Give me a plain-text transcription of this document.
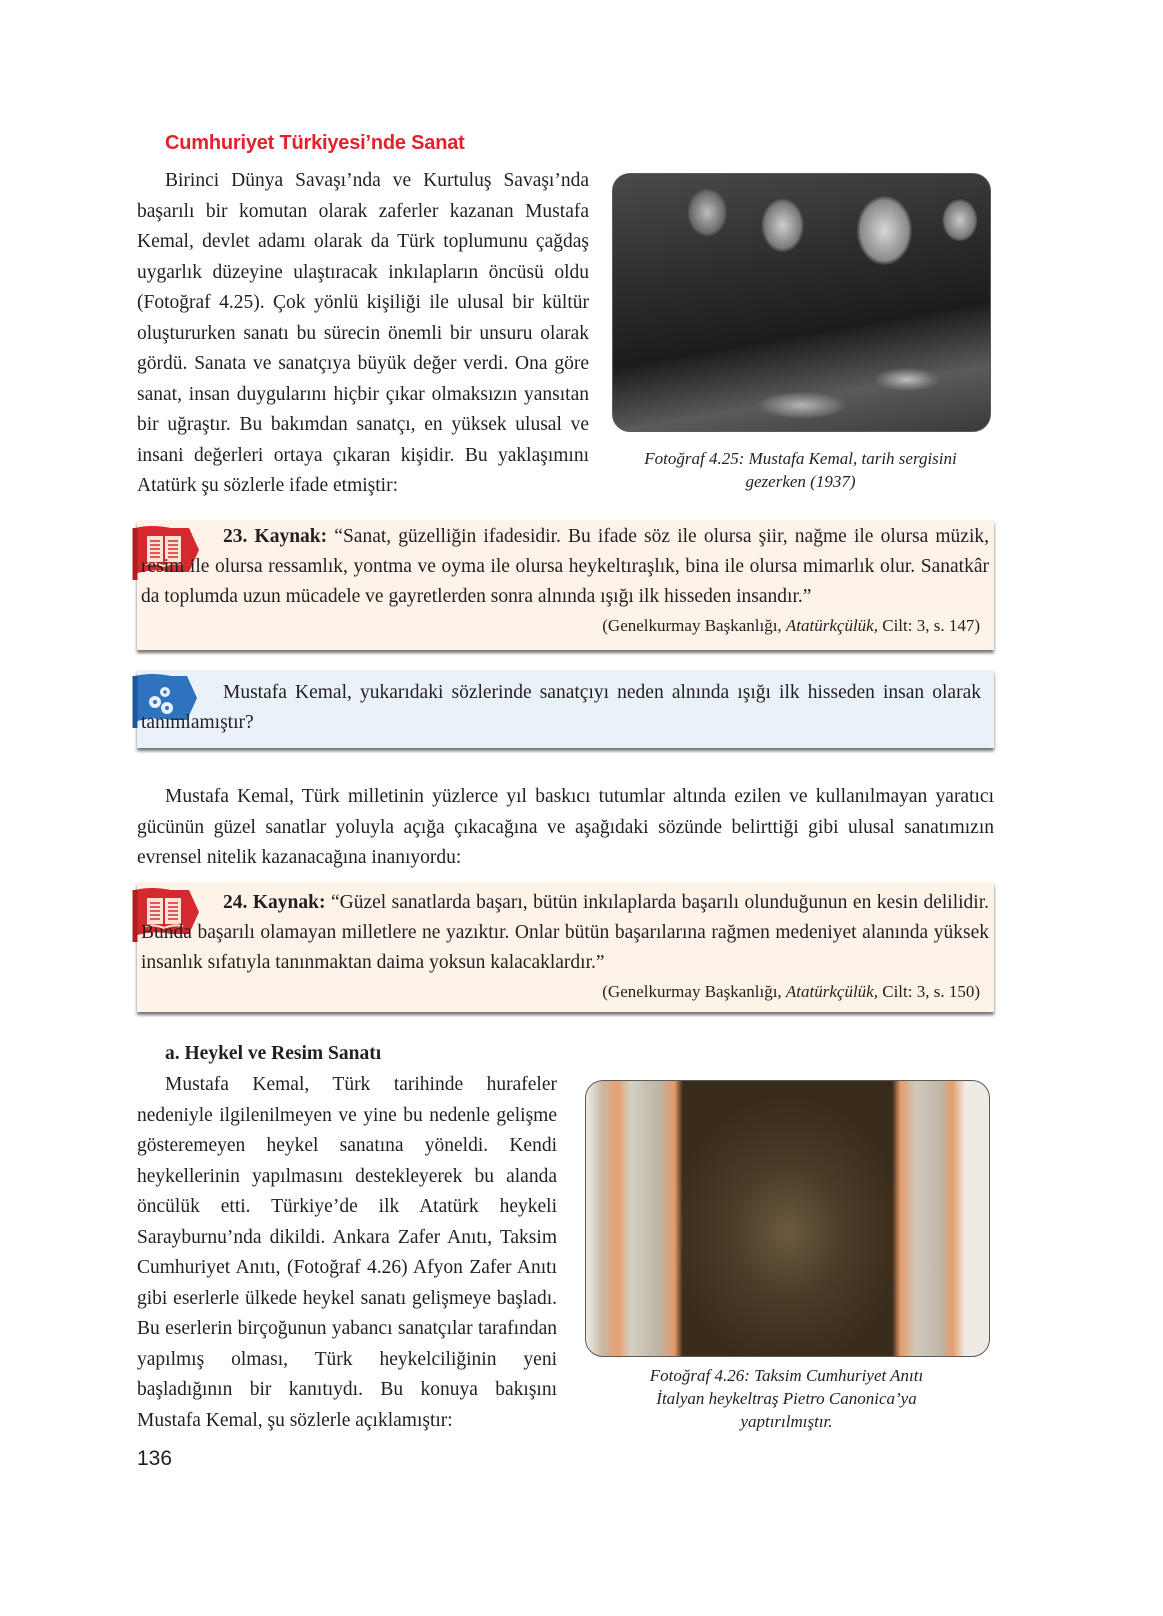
Cumhuriyet Türkiyesi’nde Sanat

Birinci Dünya Savaşı’nda ve Kurtuluş Savaşı’nda başarılı bir komutan olarak zaferler kazanan Mustafa Kemal, devlet adamı olarak da Türk toplumunu çağdaş uygarlık düzeyine ulaştıracak inkılapların öncüsü oldu (Fotoğraf 4.25). Çok yönlü kişiliği ile ulusal bir kültür oluştururken sanatı bu sürecin önemli bir unsuru olarak gördü. Sanata ve sanatçıya büyük değer verdi. Ona göre sanat, insan duygularını hiçbir çıkar olmaksızın yansıtan bir uğraştır. Bu bakımdan sanatçı, en yüksek ulusal ve insani değerleri ortaya çıkaran kişidir. Bu yaklaşımını Atatürk şu sözlerle ifade etmiştir:

Fotoğraf 4.25: Mustafa Kemal, tarih sergisini gezerken (1937)
23. Kaynak: “Sanat, güzelliğin ifadesidir. Bu ifade söz ile olursa şiir, nağme ile olursa müzik, resim ile olursa ressamlık, yontma ve oyma ile olursa heykeltıraşlık, bina ile olursa mimarlık olur. Sanatkâr da toplumda uzun mücadele ve gayretlerden sonra alnında ışığı ilk hisseden insandır.”
(Genelkurmay Başkanlığı, Atatürkçülük, Cilt: 3, s. 147)
Mustafa Kemal, yukarıdaki sözlerinde sanatçıyı neden alnında ışığı ilk hisseden insan olarak tanımlamıştır?

Mustafa Kemal, Türk milletinin yüzlerce yıl baskıcı tutumlar altında ezilen ve kullanılmayan yaratıcı gücünün güzel sanatlar yoluyla açığa çıkacağına ve aşağıdaki sözünde belirttiği gibi ulusal sanatımızın evrensel nitelik kazanacağına inanıyordu:

24. Kaynak: “Güzel sanatlarda başarı, bütün inkılaplarda başarılı olunduğunun en kesin delilidir. Bunda başarılı olamayan milletlere ne yazıktır. Onlar bütün başarılarına rağmen medeniyet alanında yüksek insanlık sıfatıyla tanınmaktan daima yoksun kalacaklardır.”
(Genelkurmay Başkanlığı, Atatürkçülük, Cilt: 3, s. 150)
a. Heykel ve Resim Sanatı

Mustafa Kemal, Türk tarihinde hurafeler nedeniyle ilgilenilmeyen ve yine bu nedenle gelişme gösteremeyen heykel sanatına yöneldi. Kendi heykellerinin yapılmasını destekleyerek bu alanda öncülük etti. Türkiye’de ilk Atatürk heykeli Sarayburnu’nda dikildi. Ankara Zafer Anıtı, Taksim Cumhuriyet Anıtı, (Fotoğraf 4.26) Afyon Zafer Anıtı gibi eserlerle ülkede heykel sanatı gelişmeye başladı. Bu eserlerin birçoğunun yabancı sanatçılar tarafından yapılmış olması, Türk heykelciliğinin yeni başladığının bir kanıtıydı. Bu konuya bakışını Mustafa Kemal, şu sözlerle açıklamıştır:

Fotoğraf 4.26: Taksim Cumhuriyet Anıtı
İtalyan heykeltraş Pietro Canonica’ya
yaptırılmıştır.
136
